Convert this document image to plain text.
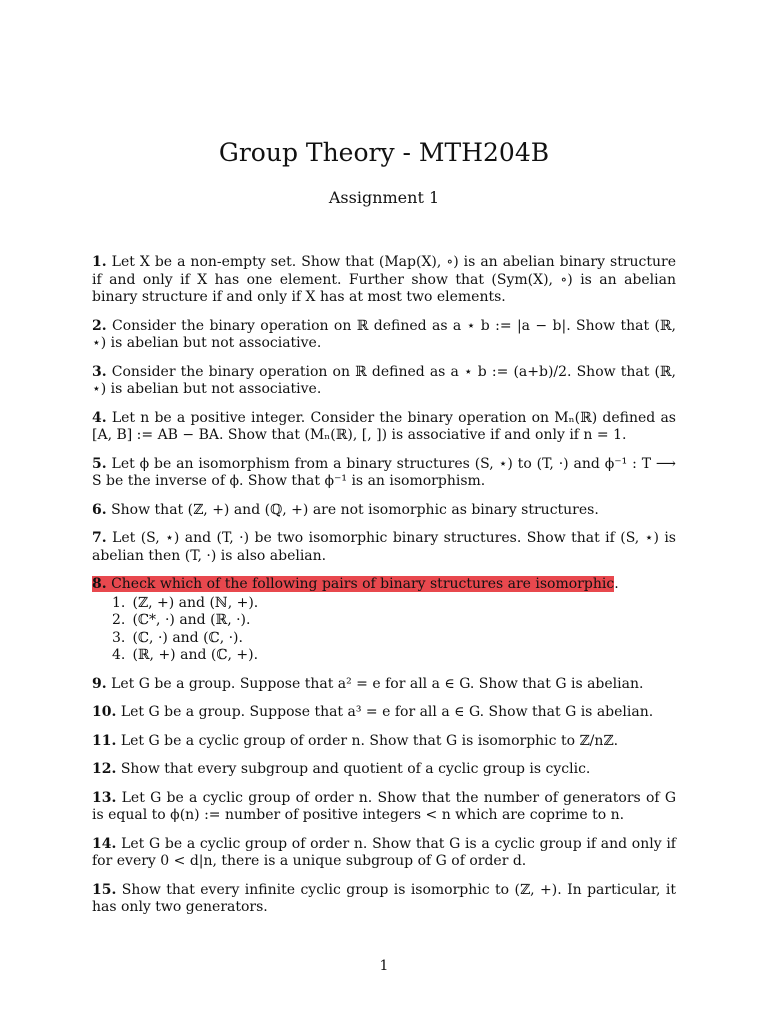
Group Theory - MTH204B
Assignment 1

1. Let X be a non-empty set. Show that (Map(X), ∘) is an abelian binary structure if and only if X has one element. Further show that (Sym(X), ∘) is an abelian binary structure if and only if X has at most two elements.

2. Consider the binary operation on ℝ defined as a ⋆ b := |a − b|. Show that (ℝ, ⋆) is abelian but not associative.

3. Consider the binary operation on ℝ defined as a ⋆ b := (a+b)/2. Show that (ℝ, ⋆) is abelian but not associative.

4. Let n be a positive integer. Consider the binary operation on Mₙ(ℝ) defined as [A, B] := AB − BA. Show that (Mₙ(ℝ), [, ]) is associative if and only if n = 1.

5. Let ϕ be an isomorphism from a binary structures (S, ⋆) to (T, ·) and ϕ⁻¹ : T ⟶ S be the inverse of ϕ. Show that ϕ⁻¹ is an isomorphism.

6. Show that (ℤ, +) and (ℚ, +) are not isomorphic as binary structures.

7. Let (S, ⋆) and (T, ·) be two isomorphic binary structures. Show that if (S, ⋆) is abelian then (T, ·) is also abelian.

8. Check which of the following pairs of binary structures are isomorphic.

1. (ℤ, +) and (ℕ, +).
2. (ℂ*, ·) and (ℝ, ·).
3. (ℂ, ·) and (ℂ, ·).
4. (ℝ, +) and (ℂ, +).

9. Let G be a group. Suppose that a² = e for all a ∈ G. Show that G is abelian.

10. Let G be a group. Suppose that a³ = e for all a ∈ G. Show that G is abelian.

11. Let G be a cyclic group of order n. Show that G is isomorphic to ℤ/nℤ.

12. Show that every subgroup and quotient of a cyclic group is cyclic.

13. Let G be a cyclic group of order n. Show that the number of generators of G is equal to ϕ(n) := number of positive integers < n which are coprime to n.

14. Let G be a cyclic group of order n. Show that G is a cyclic group if and only if for every 0 < d|n, there is a unique subgroup of G of order d.

15. Show that every infinite cyclic group is isomorphic to (ℤ, +). In particular, it has only two generators.

1
